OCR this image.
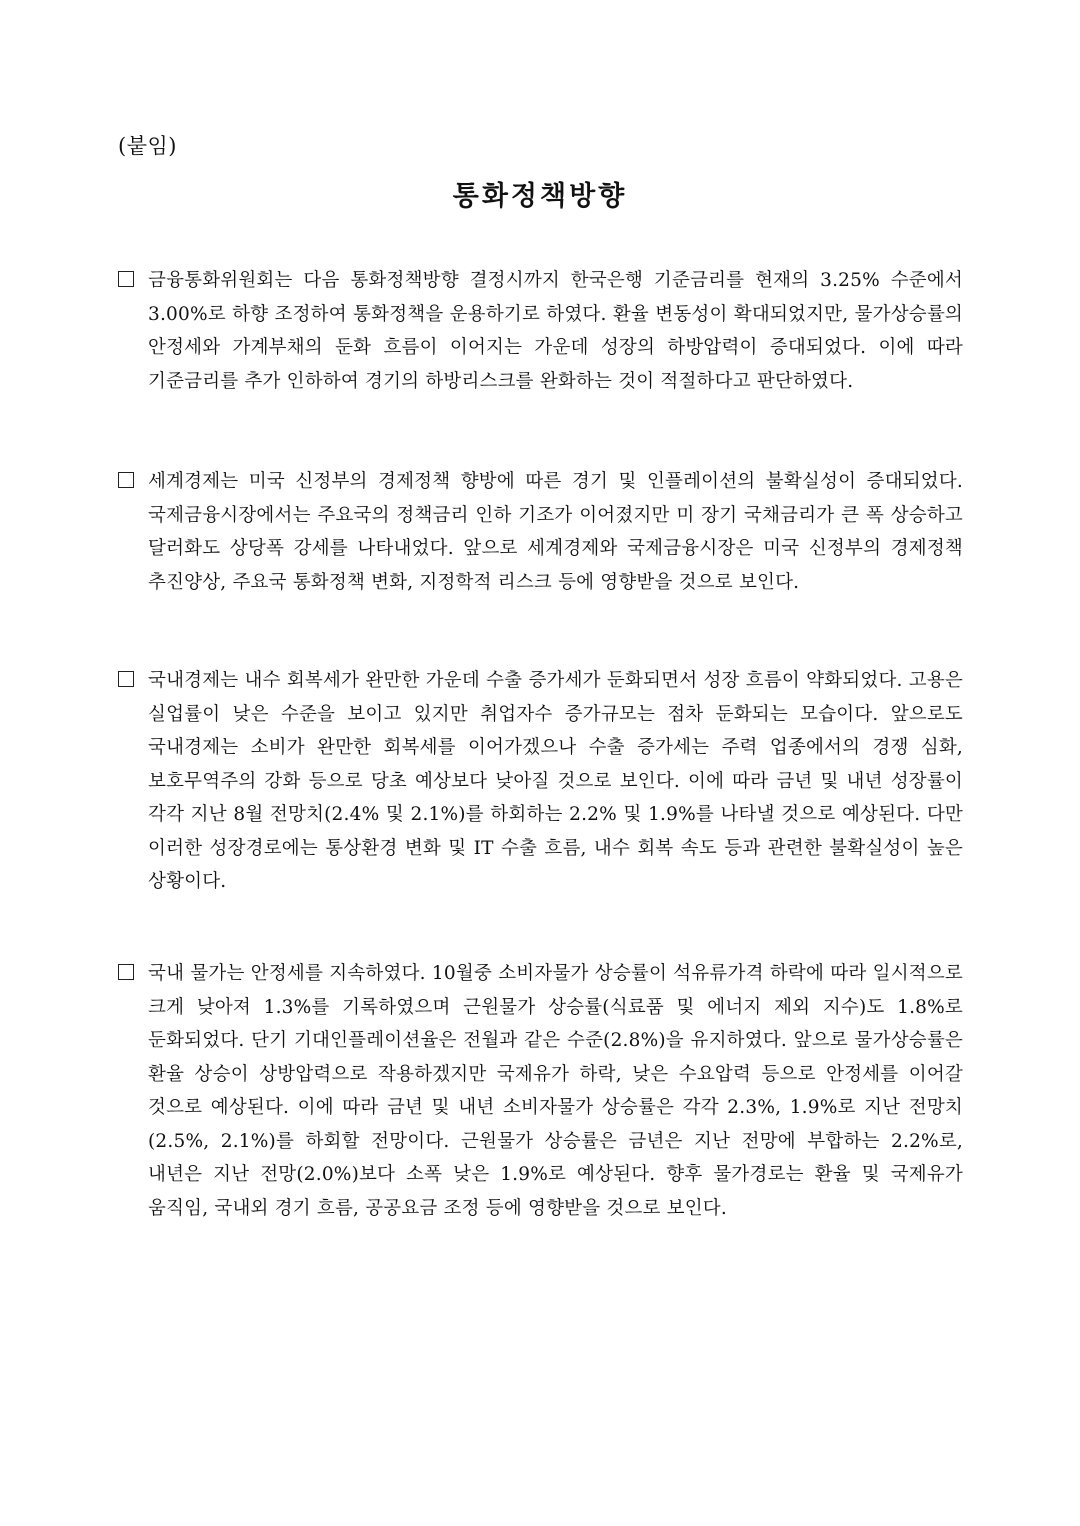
(붙임)
통화정책방향
금융통화위원회는 다음 통화정책방향 결정시까지 한국은행 기준금리를 현재의 3.25% 수준에서 3.00%로 하향 조정하여 통화정책을 운용하기로 하였다. 환율 변동성이 확대되었지만, 물가상승률의 안정세와 가계부채의 둔화 흐름이 이어지는 가운데 성장의 하방압력이 증대되었다. 이에 따라 기준금리를 추가 인하하여 경기의 하방리스크를 완화하는 것이 적절하다고 판단하였다.
세계경제는 미국 신정부의 경제정책 향방에 따른 경기 및 인플레이션의 불확실성이 증대되었다. 국제금융시장에서는 주요국의 정책금리 인하 기조가 이어졌지만 미 장기 국채금리가 큰 폭 상승하고 달러화도 상당폭 강세를 나타내었다. 앞으로 세계경제와 국제금융시장은 미국 신정부의 경제정책 추진양상, 주요국 통화정책 변화, 지정학적 리스크 등에 영향받을 것으로 보인다.
국내경제는 내수 회복세가 완만한 가운데 수출 증가세가 둔화되면서 성장 흐름이 약화되었다. 고용은 실업률이 낮은 수준을 보이고 있지만 취업자수 증가규모는 점차 둔화되는 모습이다. 앞으로도 국내경제는 소비가 완만한 회복세를 이어가겠으나 수출 증가세는 주력 업종에서의 경쟁 심화, 보호무역주의 강화 등으로 당초 예상보다 낮아질 것으로 보인다. 이에 따라 금년 및 내년 성장률이 각각 지난 8월 전망치(2.4% 및 2.1%)를 하회하는 2.2% 및 1.9%를 나타낼 것으로 예상된다. 다만 이러한 성장경로에는 통상환경 변화 및 IT 수출 흐름, 내수 회복 속도 등과 관련한 불확실성이 높은 상황이다.
국내 물가는 안정세를 지속하였다. 10월중 소비자물가 상승률이 석유류가격 하락에 따라 일시적으로 크게 낮아져 1.3%를 기록하였으며 근원물가 상승률(식료품 및 에너지 제외 지수)도 1.8%로 둔화되었다. 단기 기대인플레이션율은 전월과 같은 수준(2.8%)을 유지하였다. 앞으로 물가상승률은 환율 상승이 상방압력으로 작용하겠지만 국제유가 하락, 낮은 수요압력 등으로 안정세를 이어갈 것으로 예상된다. 이에 따라 금년 및 내년 소비자물가 상승률은 각각 2.3%, 1.9%로 지난 전망치(2.5%, 2.1%)를 하회할 전망이다. 근원물가 상승률은 금년은 지난 전망에 부합하는 2.2%로, 내년은 지난 전망(2.0%)보다 소폭 낮은 1.9%로 예상된다. 향후 물가경로는 환율 및 국제유가 움직임, 국내외 경기 흐름, 공공요금 조정 등에 영향받을 것으로 보인다.
